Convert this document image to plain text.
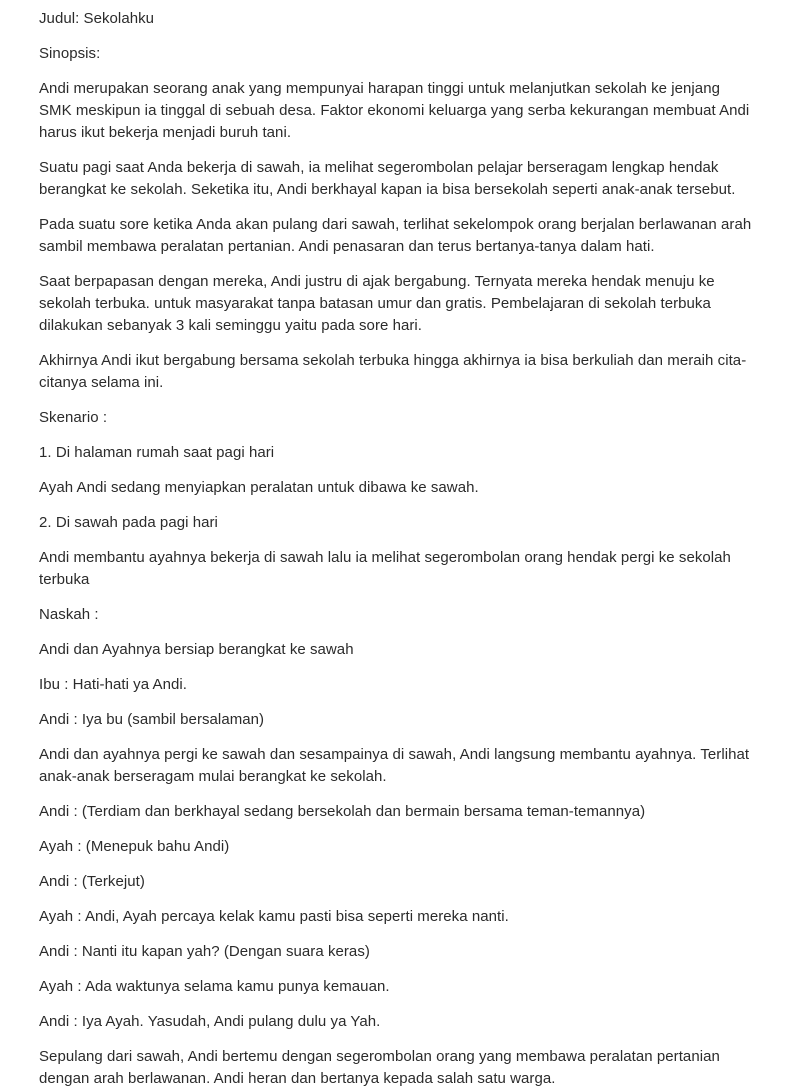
Judul: Sekolahku

Sinopsis:

Andi merupakan seorang anak yang mempunyai harapan tinggi untuk melanjutkan sekolah ke jenjang SMK meskipun ia tinggal di sebuah desa. Faktor ekonomi keluarga yang serba kekurangan membuat Andi harus ikut bekerja menjadi buruh tani.

Suatu pagi saat Anda bekerja di sawah, ia melihat segerombolan pelajar berseragam lengkap hendak berangkat ke sekolah. Seketika itu, Andi berkhayal kapan ia bisa bersekolah seperti anak-anak tersebut.

Pada suatu sore ketika Anda akan pulang dari sawah, terlihat sekelompok orang berjalan berlawanan arah sambil membawa peralatan pertanian. Andi penasaran dan terus bertanya-tanya dalam hati.

Saat berpapasan dengan mereka, Andi justru di ajak bergabung. Ternyata mereka hendak menuju ke sekolah terbuka. untuk masyarakat tanpa batasan umur dan gratis. Pembelajaran di sekolah terbuka dilakukan sebanyak 3 kali seminggu yaitu pada sore hari.

Akhirnya Andi ikut bergabung bersama sekolah terbuka hingga akhirnya ia bisa berkuliah dan meraih cita-citanya selama ini.

Skenario :

1. Di halaman rumah saat pagi hari

Ayah Andi sedang menyiapkan peralatan untuk dibawa ke sawah.

2. Di sawah pada pagi hari

Andi membantu ayahnya bekerja di sawah lalu ia melihat segerombolan orang hendak pergi ke sekolah terbuka

Naskah :

Andi dan Ayahnya bersiap berangkat ke sawah

Ibu : Hati-hati ya Andi.

Andi : Iya bu (sambil bersalaman)

Andi dan ayahnya pergi ke sawah dan sesampainya di sawah, Andi langsung membantu ayahnya. Terlihat anak-anak berseragam mulai berangkat ke sekolah.

Andi : (Terdiam dan berkhayal sedang bersekolah dan bermain bersama teman-temannya)

Ayah : (Menepuk bahu Andi)

Andi : (Terkejut)

Ayah : Andi, Ayah percaya kelak kamu pasti bisa seperti mereka nanti.

Andi : Nanti itu kapan yah? (Dengan suara keras)

Ayah : Ada waktunya selama kamu punya kemauan.

Andi : Iya Ayah. Yasudah, Andi pulang dulu ya Yah.

Sepulang dari sawah, Andi bertemu dengan segerombolan orang yang membawa peralatan pertanian dengan arah berlawanan. Andi heran dan bertanya kepada salah satu warga.
